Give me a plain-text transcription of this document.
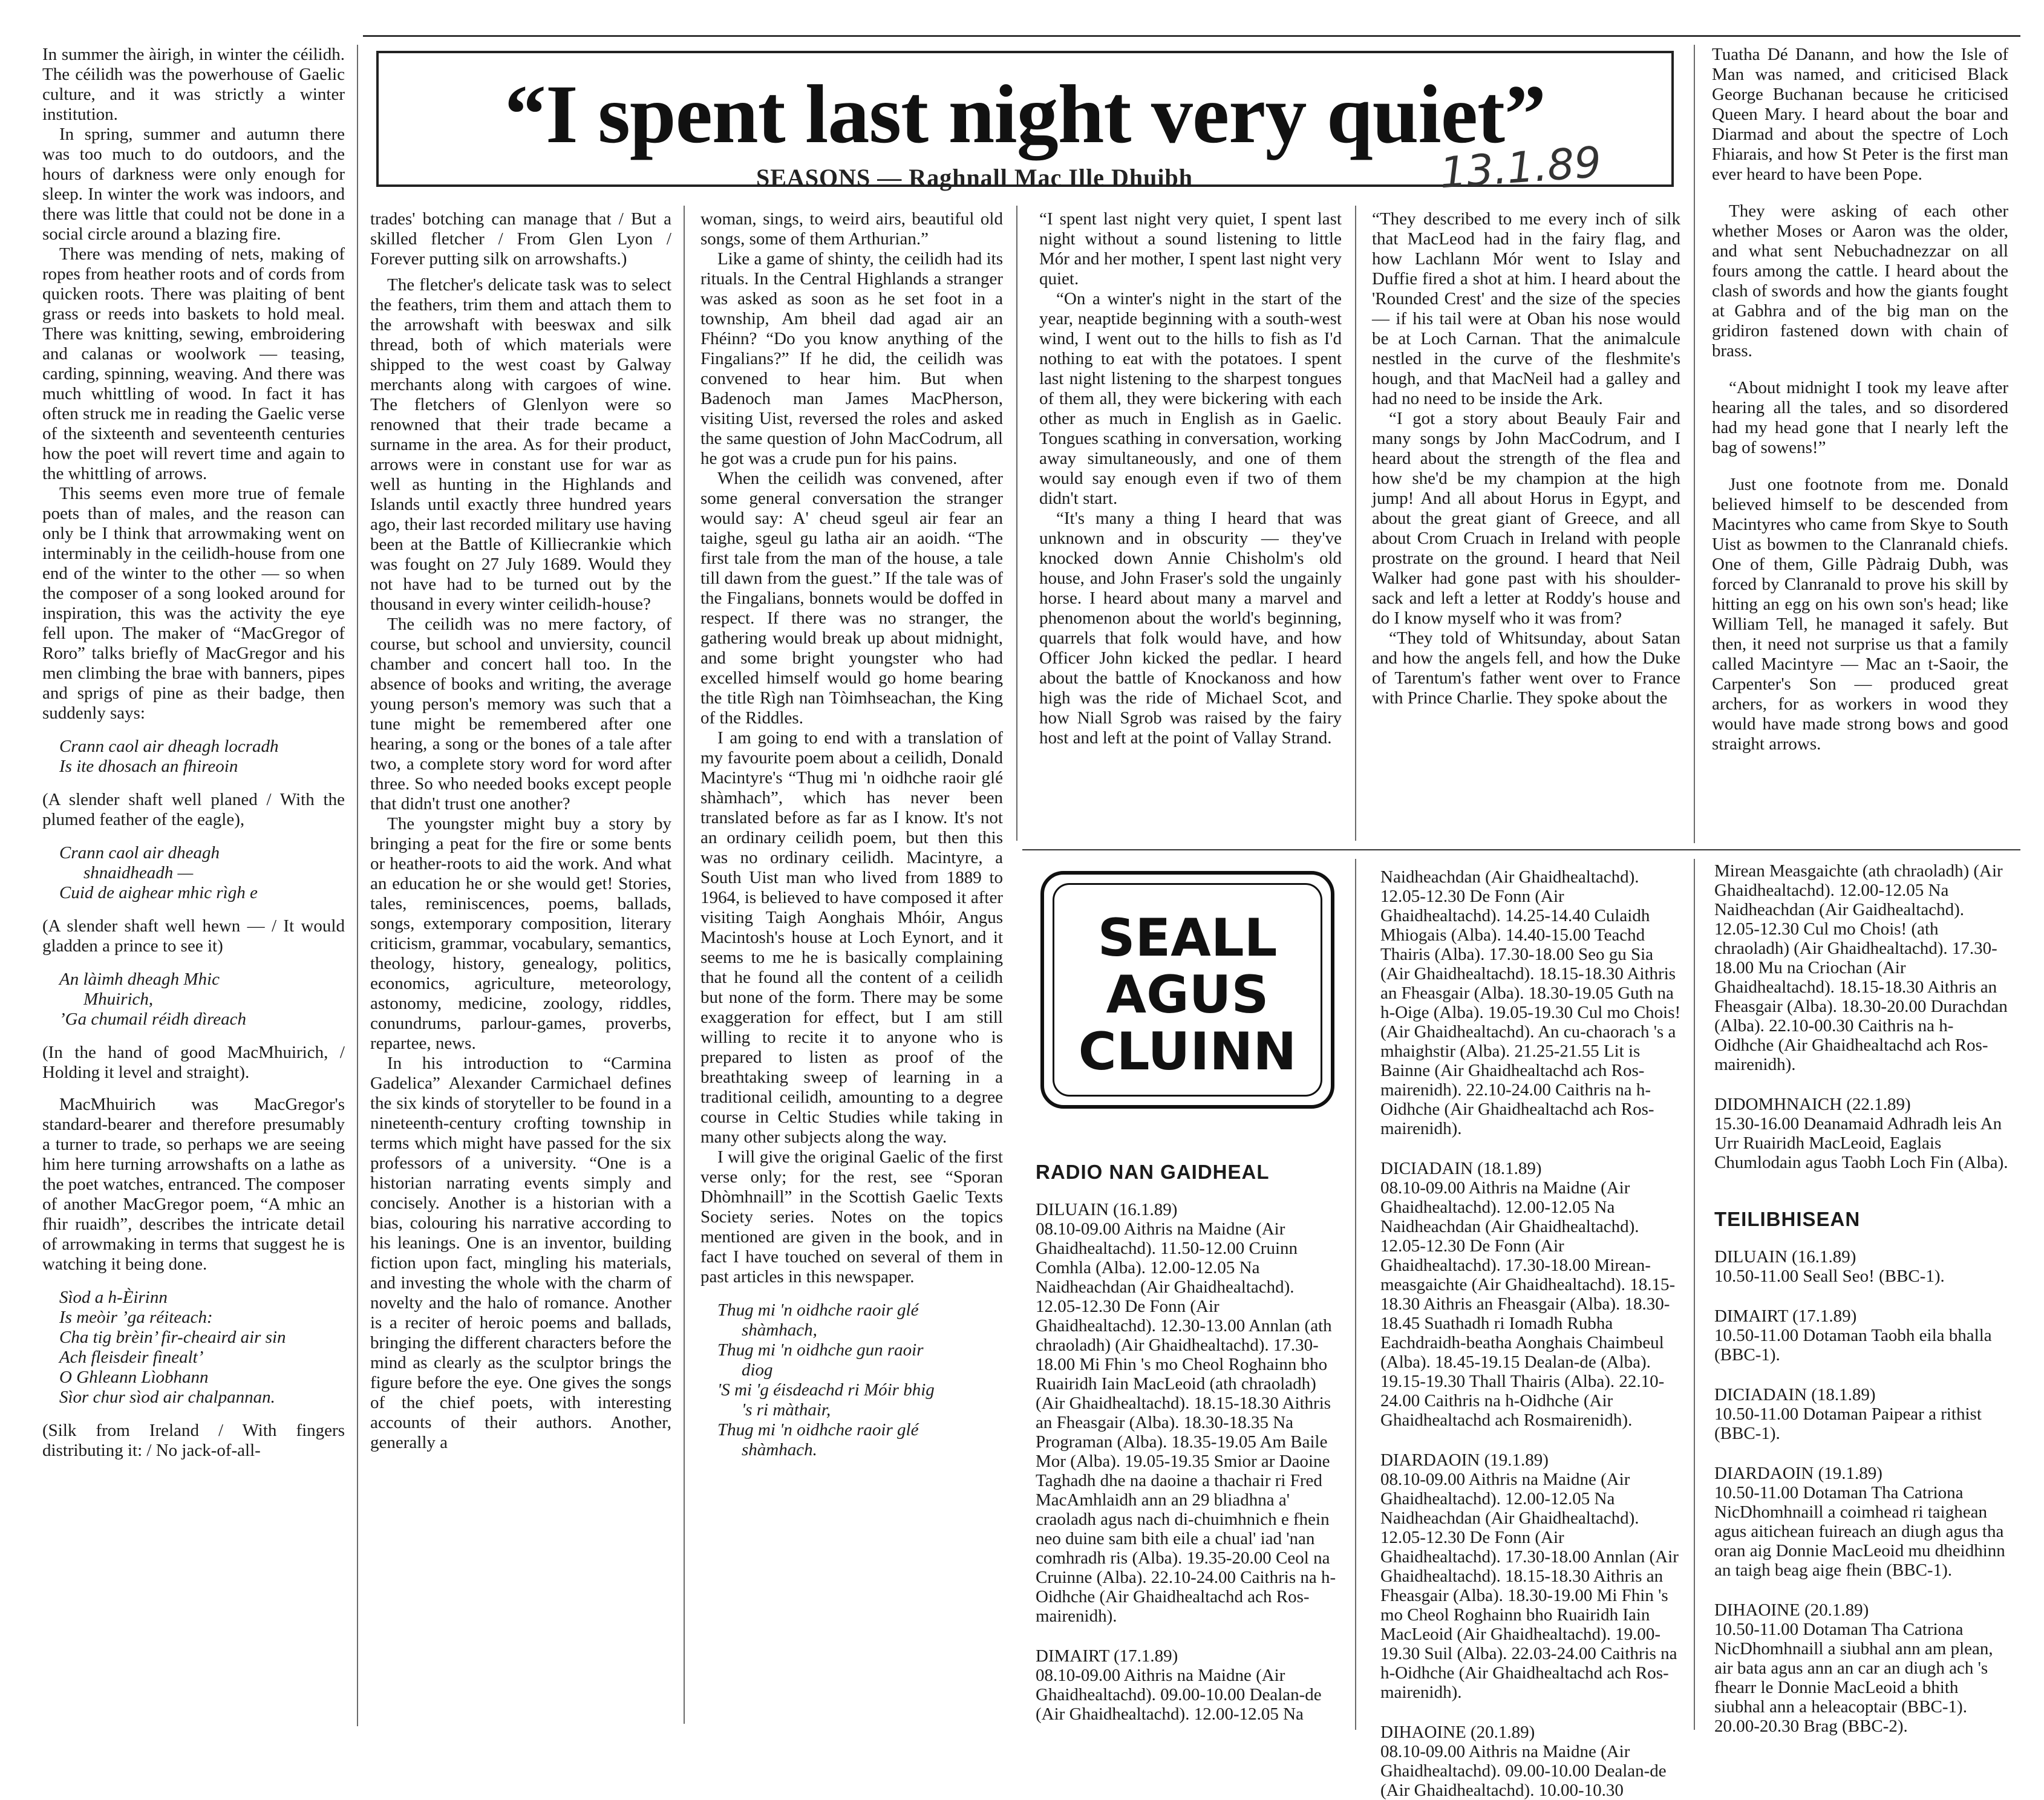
“I spent last night very quiet”
SEASONS — Raghnall Mac Ille Dhuibh	13.1.89

In summer the àirigh, in winter the céilidh. The céilidh was the powerhouse of Gaelic culture, and it was strictly a winter institution.

In spring, summer and autumn there was too much to do outdoors, and the hours of darkness were only enough for sleep. In winter the work was indoors, and there was little that could not be done in a social circle around a blazing fire.

There was mending of nets, making of ropes from heather roots and of cords from quicken roots. There was plaiting of bent grass or reeds into baskets to hold meal. There was knitting, sewing, embroidering and calanas or woolwork — teasing, carding, spinning, weaving. And there was much whittling of wood. In fact it has often struck me in reading the Gaelic verse of the sixteenth and seventeenth centuries how the poet will revert time and again to the whittling of arrows.

This seems even more true of female poets than of males, and the reason can only be I think that arrowmaking went on interminably in the ceilidh-house from one end of the winter to the other — so when the composer of a song looked around for inspiration, this was the activity the eye fell upon. The maker of “MacGregor of Roro” talks briefly of MacGregor and his men climbing the brae with banners, pipes and sprigs of pine as their badge, then suddenly says:

Crann caol air dheagh locradh
Is ite dhosach an fhireoin

(A slender shaft well planed / With the plumed feather of the eagle),

Crann caol air dheagh
shnaidheadh —
Cuid de aighear mhic rìgh e

(A slender shaft well hewn — / It would gladden a prince to see it)

An làimh dheagh Mhic
Mhuirich,
’Ga chumail réidh dìreach

(In the hand of good MacMhuirich, / Holding it level and straight).

MacMhuirich was MacGregor's standard-bearer and therefore presumably a turner to trade, so perhaps we are seeing him here turning arrowshafts on a lathe as the poet watches, entranced. The composer of another MacGregor poem, “A mhic an fhir ruaidh”, describes the intricate detail of arrowmaking in terms that suggest he is watching it being done.

Sìod a h-Èirinn
Is meòir ’ga réiteach:
Cha tig brèin’ fir-cheaird air sin
Ach fleisdeir fìnealt’
O Ghleann Lìobhann
Sìor chur sìod air chalpannan.

(Silk from Ireland / With fingers distributing it: / No jack-of-all-

trades' botching can manage that / But a skilled fletcher / From Glen Lyon / Forever putting silk on arrowshafts.)

The fletcher's delicate task was to select the feathers, trim them and attach them to the arrowshaft with beeswax and silk thread, both of which materials were shipped to the west coast by Galway merchants along with cargoes of wine. The fletchers of Glenlyon were so renowned that their trade became a surname in the area. As for their product, arrows were in constant use for war as well as hunting in the Highlands and Islands until exactly three hundred years ago, their last recorded military use having been at the Battle of Killiecrankie which was fought on 27 July 1689. Would they not have had to be turned out by the thousand in every winter ceilidh-house?

The ceilidh was no mere factory, of course, but school and unviersity, council chamber and concert hall too. In the absence of books and writing, the average young person's memory was such that a tune might be remembered after one hearing, a song or the bones of a tale after two, a complete story word for word after three. So who needed books except people that didn't trust one another?

The youngster might buy a story by bringing a peat for the fire or some bents or heather-roots to aid the work. And what an education he or she would get! Stories, tales, reminiscences, poems, ballads, songs, extemporary composition, literary criticism, grammar, vocabulary, semantics, theology, history, genealogy, politics, economics, agriculture, meteorology, astonomy, medicine, zoology, riddles, conundrums, parlour-games, proverbs, repartee, news.

In his introduction to “Carmina Gadelica” Alexander Carmichael defines the six kinds of storyteller to be found in a nineteenth-century crofting township in terms which might have passed for the six professors of a university. “One is a historian narrating events simply and concisely. Another is a historian with a bias, colouring his narrative according to his leanings. One is an inventor, building fiction upon fact, mingling his materials, and investing the whole with the charm of novelty and the halo of romance. Another is a reciter of heroic poems and ballads, bringing the different characters before the mind as clearly as the sculptor brings the figure before the eye. One gives the songs of the chief poets, with interesting accounts of their authors. Another, generally a

woman, sings, to weird airs, beautiful old songs, some of them Arthurian.”

Like a game of shinty, the ceilidh had its rituals. In the Central Highlands a stranger was asked as soon as he set foot in a township, Am bheil dad agad air an Fhéinn? “Do you know anything of the Fingalians?” If he did, the ceilidh was convened to hear him. But when Badenoch man James MacPherson, visiting Uist, reversed the roles and asked the same question of John MacCodrum, all he got was a crude pun for his pains.

When the ceilidh was convened, after some general conversation the stranger would say: A' cheud sgeul air fear an taighe, sgeul gu latha air an aoidh. “The first tale from the man of the house, a tale till dawn from the guest.” If the tale was of the Fingalians, bonnets would be doffed in respect. If there was no stranger, the gathering would break up about midnight, and some bright youngster who had excelled himself would go home bearing the title Rìgh nan Tòimhseachan, the King of the Riddles.

I am going to end with a translation of my favourite poem about a ceilidh, Donald Macintyre's “Thug mi 'n oidhche raoir glé shàmhach”, which has never been translated before as far as I know. It's not an ordinary ceilidh poem, but then this was no ordinary ceilidh. Macintyre, a South Uist man who lived from 1889 to 1964, is believed to have composed it after visiting Taigh Aonghais Mhóir, Angus Macintosh's house at Loch Eynort, and it seems to me he is basically complaining that he found all the content of a ceilidh but none of the form. There may be some exaggeration for effect, but I am still willing to recite it to anyone who is prepared to listen as proof of the breathtaking sweep of learning in a traditional ceilidh, amounting to a degree course in Celtic Studies while taking in many other subjects along the way.

I will give the original Gaelic of the first verse only; for the rest, see “Sporan Dhòmhnaill” in the Scottish Gaelic Texts Society series. Notes on the topics mentioned are given in the book, and in fact I have touched on several of them in past articles in this newspaper.

Thug mi 'n oidhche raoir glé
shàmhach,
Thug mi 'n oidhche gun raoir
diog
'S mi 'g éisdeachd ri Móir bhig
's ri màthair,
Thug mi 'n oidhche raoir glé
shàmhach.

“I spent last night very quiet, I spent last night without a sound listening to little Mór and her mother, I spent last night very quiet.

“On a winter's night in the start of the year, neaptide beginning with a south-west wind, I went out to the hills to fish as I'd nothing to eat with the potatoes. I spent last night listening to the sharpest tongues of them all, they were bickering with each other as much in English as in Gaelic. Tongues scathing in conversation, working away simultaneously, and one of them would say enough even if two of them didn't start.

“It's many a thing I heard that was unknown and in obscurity — they've knocked down Annie Chisholm's old house, and John Fraser's sold the ungainly horse. I heard about many a marvel and phenomenon about the world's beginning, quarrels that folk would have, and how Officer John kicked the pedlar. I heard about the battle of Knockanoss and how high was the ride of Michael Scot, and how Niall Sgrob was raised by the fairy host and left at the point of Vallay Strand.

“They described to me every inch of silk that MacLeod had in the fairy flag, and how Lachlann Mór went to Islay and Duffie fired a shot at him. I heard about the 'Rounded Crest' and the size of the species — if his tail were at Oban his nose would be at Loch Carnan. That the animalcule nestled in the curve of the fleshmite's hough, and that MacNeil had a galley and had no need to be inside the Ark.

“I got a story about Beauly Fair and many songs by John MacCodrum, and I heard about the strength of the flea and how she'd be my champion at the high jump! And all about Horus in Egypt, and about the great giant of Greece, and all about Crom Cruach in Ireland with people prostrate on the ground. I heard that Neil Walker had gone past with his shoulder-sack and left a letter at Roddy's house and do I know myself who it was from?

“They told of Whitsunday, about Satan and how the angels fell, and how the Duke of Tarentum's father went over to France with Prince Charlie. They spoke about the

Tuatha Dé Danann, and how the Isle of Man was named, and criticised Black George Buchanan because he criticised Queen Mary. I heard about the boar and Diarmad and about the spectre of Loch Fhiarais, and how St Peter is the first man ever heard to have been Pope.

They were asking of each other whether Moses or Aaron was the older, and what sent Nebuchadnezzar on all fours among the cattle. I heard about the clash of swords and how the giants fought at Gabhra and of the big man on the gridiron fastened down with chain of brass.

“About midnight I took my leave after hearing all the tales, and so disordered had my head gone that I nearly left the bag of sowens!”

Just one footnote from me. Donald believed himself to be descended from Macintyres who came from Skye to South Uist as bowmen to the Clanranald chiefs. One of them, Gille Pàdraig Dubh, was forced by Clanranald to prove his skill by hitting an egg on his own son's head; like William Tell, he managed it safely. But then, it need not surprise us that a family called Macintyre — Mac an t-Saoir, the Carpenter's Son — produced great archers, for as workers in wood they would have made strong bows and good straight arrows.

SEALL
AGUS
CLUINN
RADIO NAN GAIDHEAL
DILUAIN (16.1.89)
08.10-09.00 Aithris na Maidne (Air Ghaidhealtachd). 11.50-12.00 Cruinn Comhla (Alba). 12.00-12.05 Na Naidheachdan (Air Ghaidhealtachd). 12.05-12.30 De Fonn (Air Ghaidhealtachd). 12.30-13.00 Annlan (ath chraoladh) (Air Ghaidhealtachd). 17.30-18.00 Mi Fhin 's mo Cheol Roghainn bho Ruairidh Iain MacLeoid (ath chraoladh) (Air Ghaidhealtachd). 18.15-18.30 Aithris an Fheasgair (Alba). 18.30-18.35 Na Programan (Alba). 18.35-19.05 Am Baile Mor (Alba). 19.05-19.35 Smior ar Daoine Taghadh dhe na daoine a thachair ri Fred MacAmhlaidh ann an 29 bliadhna a' craoladh agus nach di-chuimhnich e fhein neo duine sam bith eile a chual' iad 'nan comhradh ris (Alba). 19.35-20.00 Ceol na Cruinne (Alba). 22.10-24.00 Caithris na h-Oidhche (Air Ghaidhealtachd ach Ros-mairenidh).
DIMAIRT (17.1.89)
08.10-09.00 Aithris na Maidne (Air Ghaidhealtachd). 09.00-10.00 Dealan-de (Air Ghaidhealtachd). 12.00-12.05 Na
Naidheachdan (Air Ghaidhealtachd). 12.05-12.30 De Fonn (Air Ghaidhealtachd). 14.25-14.40 Culaidh Mhiogais (Alba). 14.40-15.00 Teachd Thairis (Alba). 17.30-18.00 Seo gu Sia (Air Ghaidhealtachd). 18.15-18.30 Aithris an Fheasgair (Alba). 18.30-19.05 Guth na h-Oige (Alba). 19.05-19.30 Cul mo Chois! (Air Ghaidhealtachd). An cu-chaorach 's a mhaighstir (Alba). 21.25-21.55 Lit is Bainne (Air Ghaidhealtachd ach Ros-mairenidh). 22.10-24.00 Caithris na h-Oidhche (Air Ghaidhealtachd ach Ros-mairenidh).
DICIADAIN (18.1.89)
08.10-09.00 Aithris na Maidne (Air Ghaidhealtachd). 12.00-12.05 Na Naidheachdan (Air Ghaidhealtachd). 12.05-12.30 De Fonn (Air Ghaidhealtachd). 17.30-18.00 Mirean-measgaichte (Air Ghaidhealtachd). 18.15-18.30 Aithris an Fheasgair (Alba). 18.30-18.45 Suathadh ri Iomadh Rubha Eachdraidh-beatha Aonghais Chaimbeul (Alba). 18.45-19.15 Dealan-de (Alba). 19.15-19.30 Thall Thairis (Alba). 22.10-24.00 Caithris na h-Oidhche (Air Ghaidhealtachd ach Rosmairenidh).
DIARDAOIN (19.1.89)
08.10-09.00 Aithris na Maidne (Air Ghaidhealtachd). 12.00-12.05 Na Naidheachdan (Air Ghaidhealtachd). 12.05-12.30 De Fonn (Air Ghaidhealtachd). 17.30-18.00 Annlan (Air Ghaidhealtachd). 18.15-18.30 Aithris an Fheasgair (Alba). 18.30-19.00 Mi Fhin 's mo Cheol Roghainn bho Ruairidh Iain MacLeoid (Air Ghaidhealtachd). 19.00-19.30 Suil (Alba). 22.03-24.00 Caithris na h-Oidhche (Air Ghaidhealtachd ach Ros-mairenidh).
DIHAOINE (20.1.89)
08.10-09.00 Aithris na Maidne (Air Ghaidhealtachd). 09.00-10.00 Dealan-de (Air Ghaidhealtachd). 10.00-10.30
Mirean Measgaichte (ath chraoladh) (Air Ghaidhealtachd). 12.00-12.05 Na Naidheachdan (Air Gaidhealtachd). 12.05-12.30 Cul mo Chois! (ath chraoladh) (Air Ghaidhealtachd). 17.30-18.00 Mu na Criochan (Air Ghaidhealtachd). 18.15-18.30 Aithris an Fheasgair (Alba). 18.30-20.00 Durachdan (Alba). 22.10-00.30 Caithris na h-Oidhche (Air Ghaidhealtachd ach Ros-mairenidh).
DIDOMHNAICH (22.1.89)
15.30-16.00 Deanamaid Adhradh leis An Urr Ruairidh MacLeoid, Eaglais Chumlodain agus Taobh Loch Fin (Alba).
TEILIBHISEAN
DILUAIN (16.1.89)
10.50-11.00 Seall Seo! (BBC-1).
DIMAIRT (17.1.89)
10.50-11.00 Dotaman Taobh eila bhalla (BBC-1).
DICIADAIN (18.1.89)
10.50-11.00 Dotaman Paipear a rithist (BBC-1).
DIARDAOIN (19.1.89)
10.50-11.00 Dotaman Tha Catriona NicDhomhnaill a coimhead ri taighean agus aitichean fuireach an diugh agus tha oran aig Donnie MacLeoid mu dheidhinn an taigh beag aige fhein (BBC-1).
DIHAOINE (20.1.89)
10.50-11.00 Dotaman Tha Catriona NicDhomhnaill a siubhal ann am plean, air bata agus ann an car an diugh ach 's fhearr le Donnie MacLeoid a bhith siubhal ann a heleacoptair (BBC-1). 20.00-20.30 Brag (BBC-2).
